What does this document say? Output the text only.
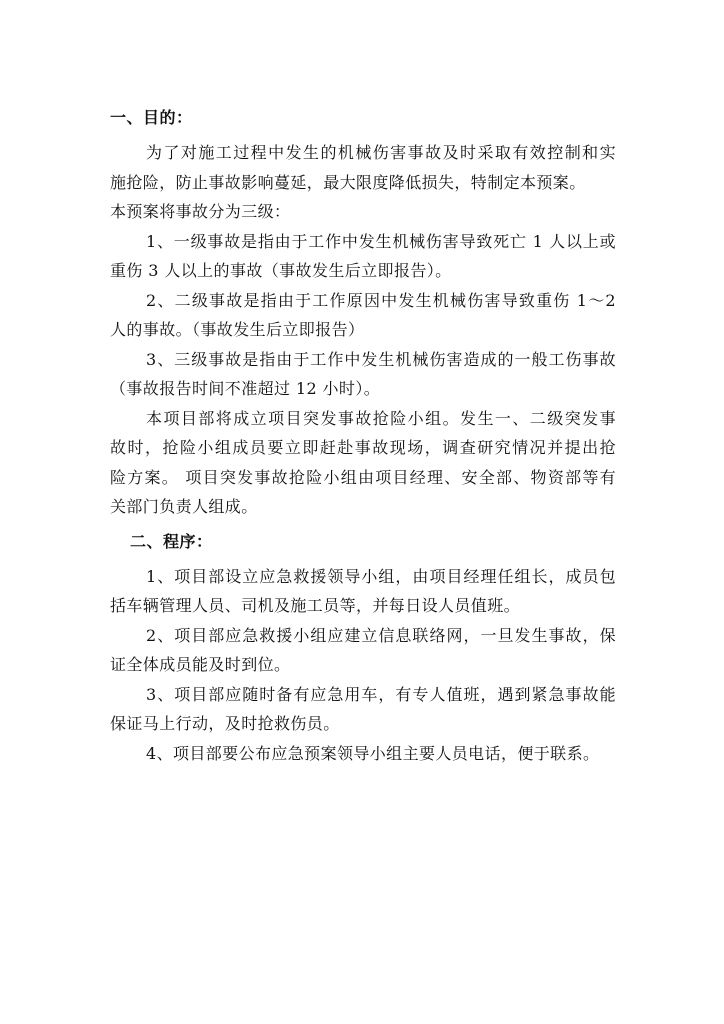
一、目的：

为了对施工过程中发生的机械伤害事故及时采取有效控制和实
施抢险，防止事故影响蔓延，最大限度降低损失，特制定本预案。

本预案将事故分为三级：

1、一级事故是指由于工作中发生机械伤害导致死亡 1 人以上或
重伤 3 人以上的事故（事故发生后立即报告）。

2、二级事故是指由于工作原因中发生机械伤害导致重伤 1～2
人的事故。（事故发生后立即报告）

3、三级事故是指由于工作中发生机械伤害造成的一般工伤事故
（事故报告时间不准超过 12 小时）。

本项目部将成立项目突发事故抢险小组。发生一、二级突发事
故时，抢险小组成员要立即赶赴事故现场，调查研究情况并提出抢
险方案。 项目突发事故抢险小组由项目经理、安全部、物资部等有
关部门负责人组成。

二、程序：

1、项目部设立应急救援领导小组，由项目经理任组长，成员包
括车辆管理人员、司机及施工员等，并每日设人员值班。

2、项目部应急救援小组应建立信息联络网，一旦发生事故，保
证全体成员能及时到位。

3、项目部应随时备有应急用车，有专人值班，遇到紧急事故能
保证马上行动，及时抢救伤员。

4、项目部要公布应急预案领导小组主要人员电话，便于联系。
